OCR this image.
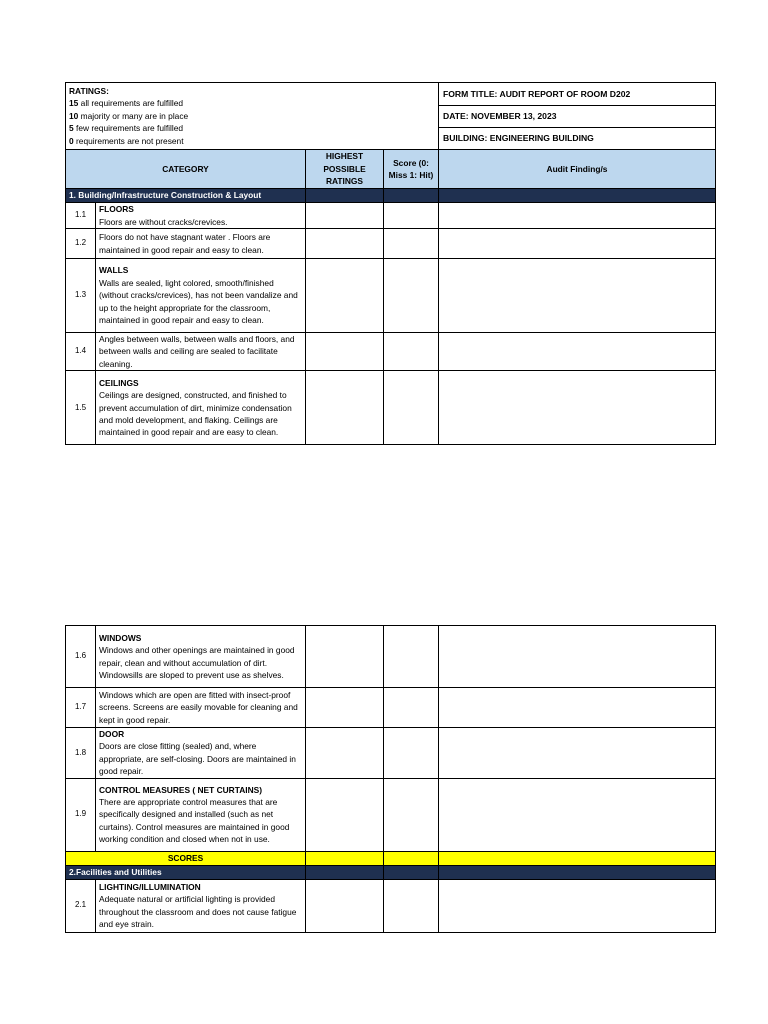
RATINGS:
15 all requirements are fulfilled
10 majority or many are in place
5 few requirements are fulfilled
0 requirements are not present				FORM TITLE: AUDIT REPORT OF ROOM D202
				DATE: NOVEMBER 13, 2023
				BUILDING: ENGINEERING BUILDING
CATEGORY		HIGHEST POSSIBLE RATINGS	Score (0: Miss 1: Hit)	Audit Finding/s
1. Building/Infrastructure Construction & Layout				
1.1	FLOORS
Floors are without cracks/crevices.			
1.2	Floors do not have stagnant water . Floors are maintained in good repair and easy to clean.			
1.3	WALLS
Walls are sealed, light colored, smooth/finished (without cracks/crevices), has not been vandalize and up to the height appropriate for the classroom, maintained in good repair and easy to clean.			
1.4	Angles between walls, between walls and floors, and between walls and ceiling are sealed to facilitate cleaning.			
1.5	CEILINGS
Ceilings are designed, constructed, and finished to prevent accumulation of dirt, minimize condensation and mold development, and flaking. Ceilings are maintained in good repair and are easy to clean.			
1.6	WINDOWS
Windows and other openings are maintained in good repair, clean and without accumulation of dirt. Windowsills are sloped to prevent use as shelves.			
1.7	Windows which are open are fitted with insect-proof screens. Screens are easily movable for cleaning and kept in good repair.			
1.8	DOOR
Doors are close fitting (sealed) and, where appropriate, are self-closing. Doors are maintained in good repair.			
1.9	CONTROL MEASURES ( NET CURTAINS)
There are appropriate control measures that are specifically designed and installed (such as net curtains). Control measures are maintained in good working condition and closed when not in use.			
SCORES				
2.Facilities and Utilities				
2.1	LIGHTING/ILLUMINATION
Adequate natural or artificial lighting is provided throughout the classroom and does not cause fatigue and eye strain.			
